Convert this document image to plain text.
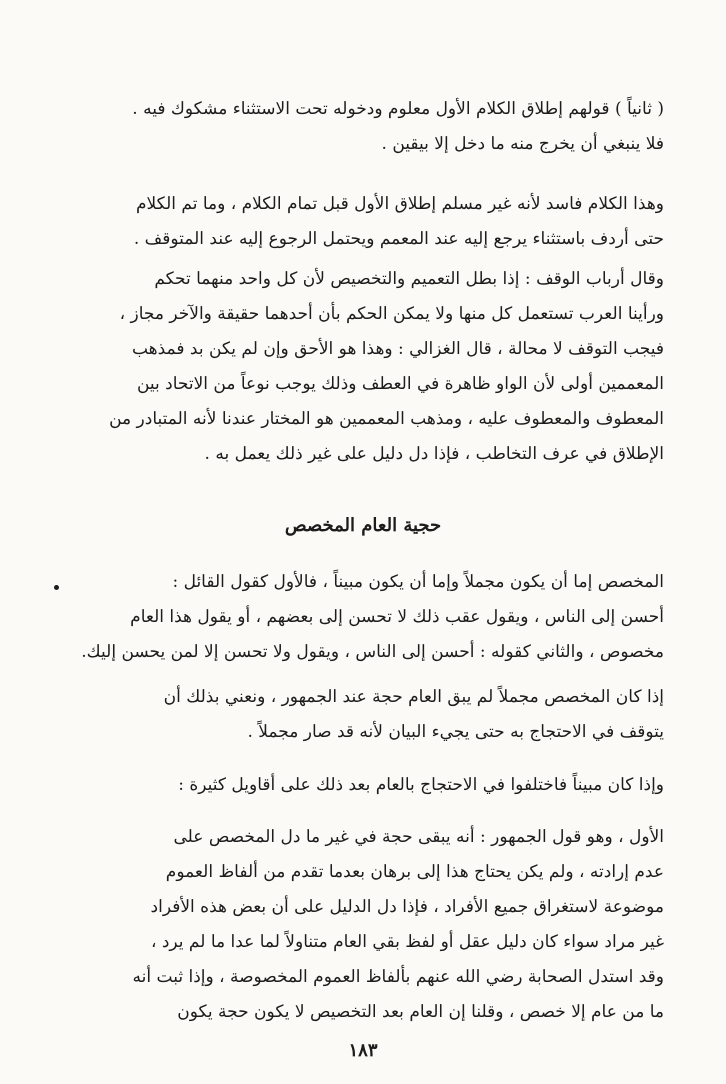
( ثانياً ) قولهم إطلاق الكلام الأول معلوم ودخوله تحت الاستثناء مشكوك فيه .
فلا ينبغي أن يخرج منه ما دخل إلا بيقين .

وهذا الكلام فاسد لأنه غير مسلم إطلاق الأول قبل تمام الكلام ، وما تم الكلام
حتى أردف باستثناء يرجع إليه عند المعمم ويحتمل الرجوع إليه عند المتوقف .

وقال أرباب الوقف : إذا بطل التعميم والتخصيص لأن كل واحد منهما تحكم
ورأينا العرب تستعمل كل منها ولا يمكن الحكم بأن أحدهما حقيقة والآخر مجاز ،
فيجب التوقف لا محالة ، قال الغزالي : وهذا هو الأحق وإن لم يكن بد فمذهب
المعممين أولى لأن الواو ظاهرة في العطف وذلك يوجب نوعاً من الاتحاد بين
المعطوف والمعطوف عليه ، ومذهب المعممين هو المختار عندنا لأنه المتبادر من
الإطلاق في عرف التخاطب ، فإذا دل دليل على غير ذلك يعمل به .

حجية العام المخصص

المخصص إما أن يكون مجملاً وإما أن يكون مبيناً ، فالأول كقول القائل :
أحسن إلى الناس ، ويقول عقب ذلك لا تحسن إلى بعضهم ، أو يقول هذا العام
مخصوص ، والثاني كقوله : أحسن إلى الناس ، ويقول ولا تحسن إلا لمن يحسن إليك.

إذا كان المخصص مجملاً لم يبق العام حجة عند الجمهور ، ونعني بذلك أن
يتوقف في الاحتجاج به حتى يجيء البيان لأنه قد صار مجملاً .

وإذا كان مبيناً فاختلفوا في الاحتجاج بالعام بعد ذلك على أقاويل كثيرة :

الأول ، وهو قول الجمهور : أنه يبقى حجة في غير ما دل المخصص على
عدم إرادته ، ولم يكن يحتاج هذا إلى برهان بعدما تقدم من ألفاظ العموم
موضوعة لاستغراق جميع الأفراد ، فإذا دل الدليل على أن بعض هذه الأفراد
غير مراد سواء كان دليل عقل أو لفظ بقي العام متناولاً لما عدا ما لم يرد ،
وقد استدل الصحابة رضي الله عنهم بألفاظ العموم المخصوصة ، وإذا ثبت أنه
ما من عام إلا خصص ، وقلنا إن العام بعد التخصيص لا يكون حجة يكون

١٨٣
